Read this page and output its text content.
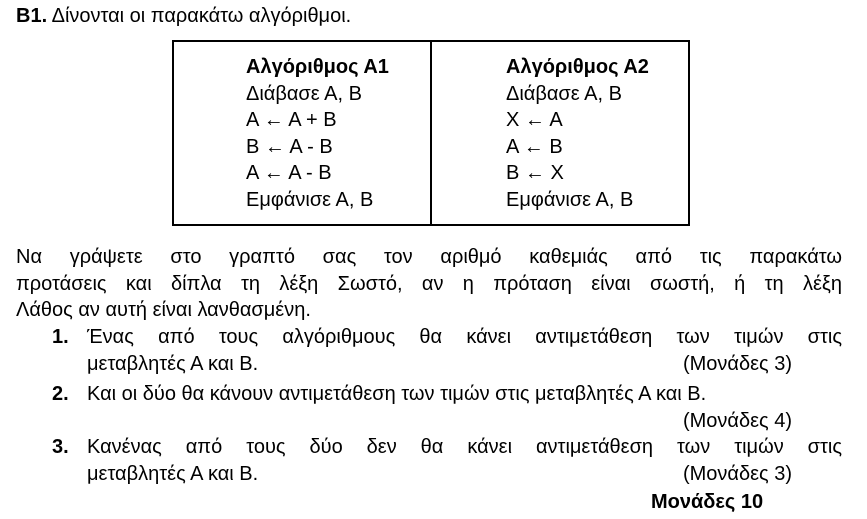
Β1. Δίνονται οι παρακάτω αλγόριθμοι.
Αλγόριθμος Α1
Διάβασε Α, Β
Α ← Α + Β
Β ← Α - Β
Α ← Α - Β
Εμφάνισε Α, Β
Αλγόριθμος Α2
Διάβασε Α, Β
Χ ← Α
Α ← Β
Β ← Χ
Εμφάνισε Α, Β
Να γράψετε στο γραπτό σας τον αριθμό καθεμιάς από τις παρακάτω
προτάσεις και δίπλα τη λέξη Σωστό, αν η πρόταση είναι σωστή, ή τη λέξη
Λάθος αν αυτή είναι λανθασμένη.
1. Ένας από τους αλγόριθμους θα κάνει αντιμετάθεση των τιμών στις
μεταβλητές Α και Β.	(Μονάδες 3)
2. Και οι δύο θα κάνουν αντιμετάθεση των τιμών στις μεταβλητές Α και Β.
(Μονάδες 4)
3. Κανένας από τους δύο δεν θα κάνει αντιμετάθεση των τιμών στις
μεταβλητές Α και Β.	(Μονάδες 3)
Μονάδες 10
